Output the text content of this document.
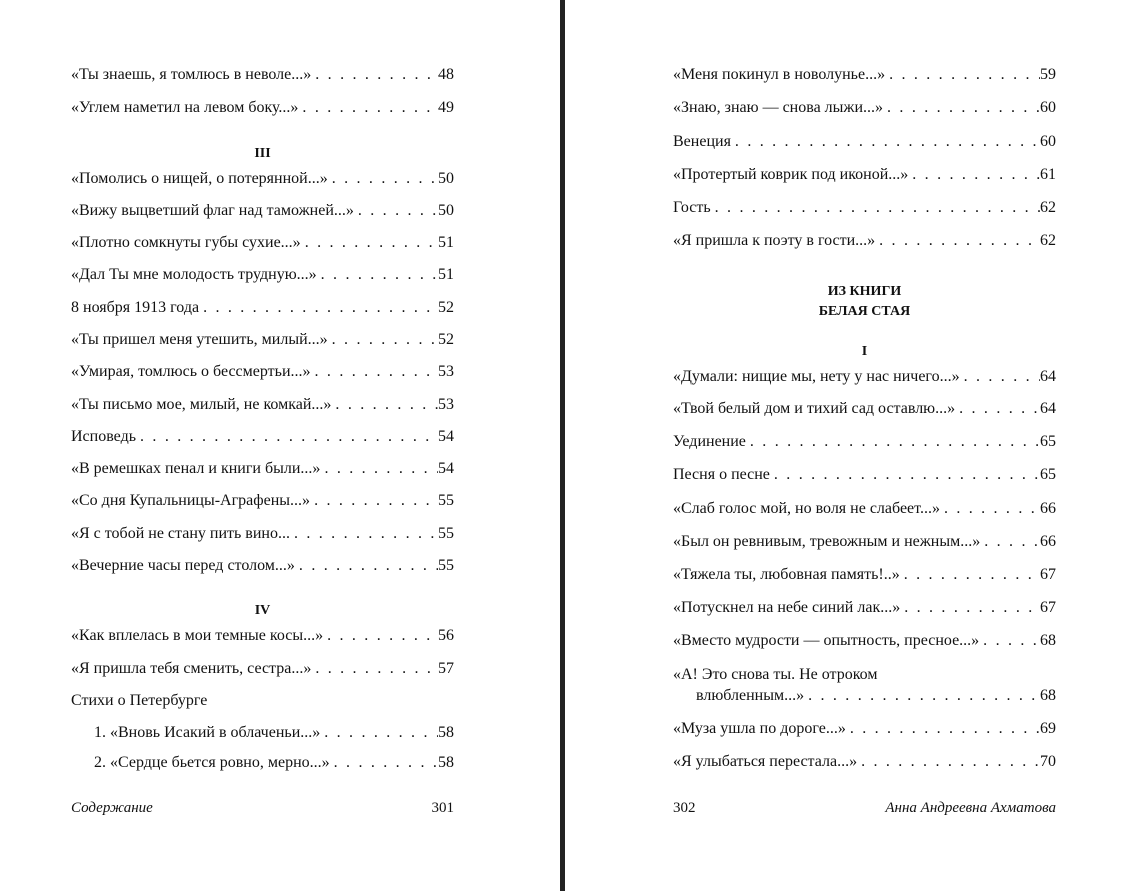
«Ты знаешь, я томлюсь в неволе...» . . .	48
«Углем наметил на левом боку...» . . .	49
III
«Помолись о нищей, о потерянной...» . . .	50
«Вижу выцветший флаг над таможней...» . . .	50
«Плотно сомкнуты губы сухие...» . . .	51
«Дал Ты мне молодость трудную...» . . .	51
8 ноября 1913 года . . .	52
«Ты пришел меня утешить, милый...» . . .	52
«Умирая, томлюсь о бессмертьи...» . . .	53
«Ты письмо мое, милый, не комкай...» . . .	53
Исповедь . . .	54
«В ремешках пенал и книги были...» . . .	54
«Со дня Купальницы-Аграфены...» . . .	55
«Я с тобой не стану пить вино... . . .	55
«Вечерние часы перед столом...» . . .	55
IV
«Как вплелась в мои темные косы...» . . .	56
«Я пришла тебя сменить, сестра...» . . .	57
Стихи о Петербурге
1. «Вновь Исакий в облаченьи...» . . .	58
2. «Сердце бьется ровно, мерно...» . . .	58
Содержание	301
«Меня покинул в новолунье...» . . .	59
«Знаю, знаю — снова лыжи...» . . .	60
Венеция . . .	60
«Протертый коврик под иконой...» . . .	61
Гость . . .	62
«Я пришла к поэту в гости...» . . .	62
ИЗ КНИГИ
БЕЛАЯ СТАЯ
I
«Думали: нищие мы, нету у нас ничего...» . . .	64
«Твой белый дом и тихий сад оставлю...» . . .	64
Уединение . . .	65
Песня о песне . . .	65
«Слаб голос мой, но воля не слабеет...» . . .	66
«Был он ревнивым, тревожным и нежным...» . . .	66
«Тяжела ты, любовная память!..» . . .	67
«Потускнел на небе синий лак...» . . .	67
«Вместо мудрости — опытность, пресное...» . . .	68
«А! Это снова ты. Не отроком
влюбленным...» . . .	68
«Муза ушла по дороге...» . . .	69
«Я улыбаться перестала...» . . .	70
302	Анна Андреевна Ахматова
